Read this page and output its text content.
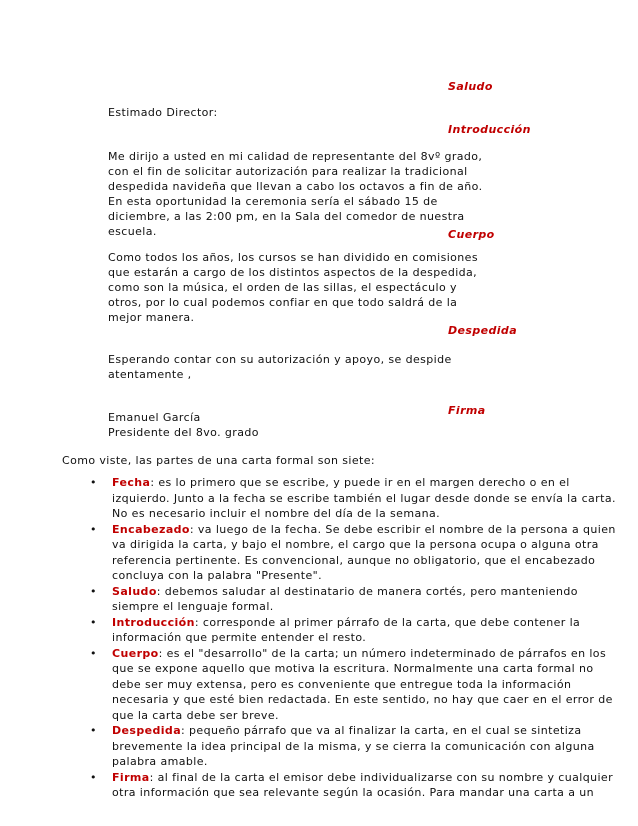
Saludo
Estimado Director:
Introducción
Me dirijo a usted en mi calidad de representante del 8vº grado,
con el fin de solicitar autorización para realizar la tradicional
despedida navideña que llevan a cabo los octavos a fin de año.
En esta oportunidad la ceremonia sería el sábado 15 de
diciembre, a las 2:00 pm, en la Sala del comedor de nuestra
escuela.	Cuerpo
Como todos los años, los cursos se han dividido en comisiones
que estarán a cargo de los distintos aspectos de la despedida,
como son la música, el orden de las sillas, el espectáculo y
otros, por lo cual podemos confiar en que todo saldrá de la
mejor manera.
Despedida
Esperando contar con su autorización y apoyo, se despide
atentamente ,
Firma
Emanuel García
Presidente del 8vo. grado
Como viste, las partes de una carta formal son siete:
•	Fecha: es lo primero que se escribe, y puede ir en el margen derecho o en el
izquierdo. Junto a la fecha se escribe también el lugar desde donde se envía la carta.
No es necesario incluir el nombre del día de la semana.
•	Encabezado: va luego de la fecha. Se debe escribir el nombre de la persona a quien
va dirigida la carta, y bajo el nombre, el cargo que la persona ocupa o alguna otra
referencia pertinente. Es convencional, aunque no obligatorio, que el encabezado
concluya con la palabra "Presente".
•	Saludo: debemos saludar al destinatario de manera cortés, pero manteniendo
siempre el lenguaje formal.
•	Introducción: corresponde al primer párrafo de la carta, que debe contener la
información que permite entender el resto.
•	Cuerpo: es el "desarrollo" de la carta; un número indeterminado de párrafos en los
que se expone aquello que motiva la escritura. Normalmente una carta formal no
debe ser muy extensa, pero es conveniente que entregue toda la información
necesaria y que esté bien redactada. En este sentido, no hay que caer en el error de
que la carta debe ser breve.
•	Despedida: pequeño párrafo que va al finalizar la carta, en el cual se sintetiza
brevemente la idea principal de la misma, y se cierra la comunicación con alguna
palabra amable.
•	Firma: al final de la carta el emisor debe individualizarse con su nombre y cualquier
otra información que sea relevante según la ocasión. Para mandar una carta a un
